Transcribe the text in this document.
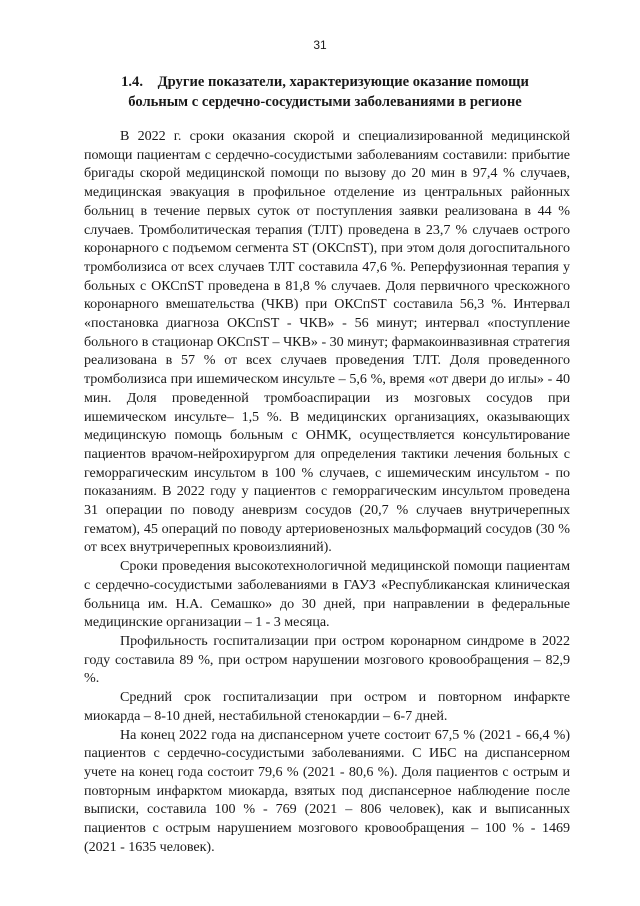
31
1.4.    Другие показатели, характеризующие оказание помощи
больным с сердечно-сосудистыми заболеваниями в регионе

В 2022 г. сроки оказания скорой и специализированной медицинской помощи пациентам с сердечно-сосудистыми заболеваниям составили: прибытие бригады скорой медицинской помощи по вызову до 20 мин в 97,4 % случаев, медицинская эвакуация в профильное отделение из центральных районных больниц в течение первых суток от поступления заявки реализована в 44 % случаев. Тромболитическая терапия (ТЛТ) проведена в 23,7 % случаев острого коронарного с подъемом сегмента ST (ОКСпST), при этом доля догоспитального тромболизиса от всех случаев ТЛТ составила 47,6 %. Реперфузионная терапия у больных с ОКСпST проведена в 81,8 % случаев. Доля первичного чрескожного коронарного вмешательства (ЧКВ) при ОКСпST составила 56,3 %. Интервал «постановка диагноза ОКСпST - ЧКВ» - 56 минут; интервал «поступление больного в стационар ОКСпST – ЧКВ» - 30 минут; фармакоинвазивная стратегия реализована в 57 % от всех случаев проведения ТЛТ. Доля проведенного тромболизиса при ишемическом инсульте – 5,6 %, время «от двери до иглы» - 40 мин. Доля проведенной тромбоаспирации из мозговых сосудов при ишемическом инсульте– 1,5 %. В медицинских организациях, оказывающих медицинскую помощь больным с ОНМК, осуществляется консультирование пациентов врачом-нейрохирургом для определения тактики лечения больных с геморрагическим инсультом в 100 % случаев, с ишемическим инсультом - по показаниям. В 2022 году у пациентов с геморрагическим инсультом проведена 31 операции по поводу аневризм сосудов (20,7 % случаев внутричерепных гематом), 45 операций по поводу артериовенозных мальформаций сосудов (30 % от всех внутричерепных кровоизлияний).

Сроки проведения высокотехнологичной медицинской помощи пациентам с сердечно-сосудистыми заболеваниями в ГАУЗ «Республиканская клиническая больница им. Н.А. Семашко» до 30 дней, при направлении в федеральные медицинские организации – 1 - 3 месяца.

Профильность госпитализации при остром коронарном синдроме в 2022 году составила 89 %, при остром нарушении мозгового кровообращения – 82,9 %.

Средний срок госпитализации при остром и повторном инфаркте миокарда – 8-10 дней, нестабильной стенокардии – 6-7 дней.

На конец 2022 года на диспансерном учете состоит 67,5 % (2021 - 66,4 %) пациентов с сердечно-сосудистыми заболеваниями. С ИБС на диспансерном учете на конец года состоит 79,6 % (2021 - 80,6 %). Доля пациентов с острым и повторным инфарктом миокарда, взятых под диспансерное наблюдение после выписки, составила 100 % - 769 (2021 – 806 человек), как и выписанных пациентов с острым нарушением мозгового кровообращения – 100 % - 1469 (2021 - 1635 человек).
